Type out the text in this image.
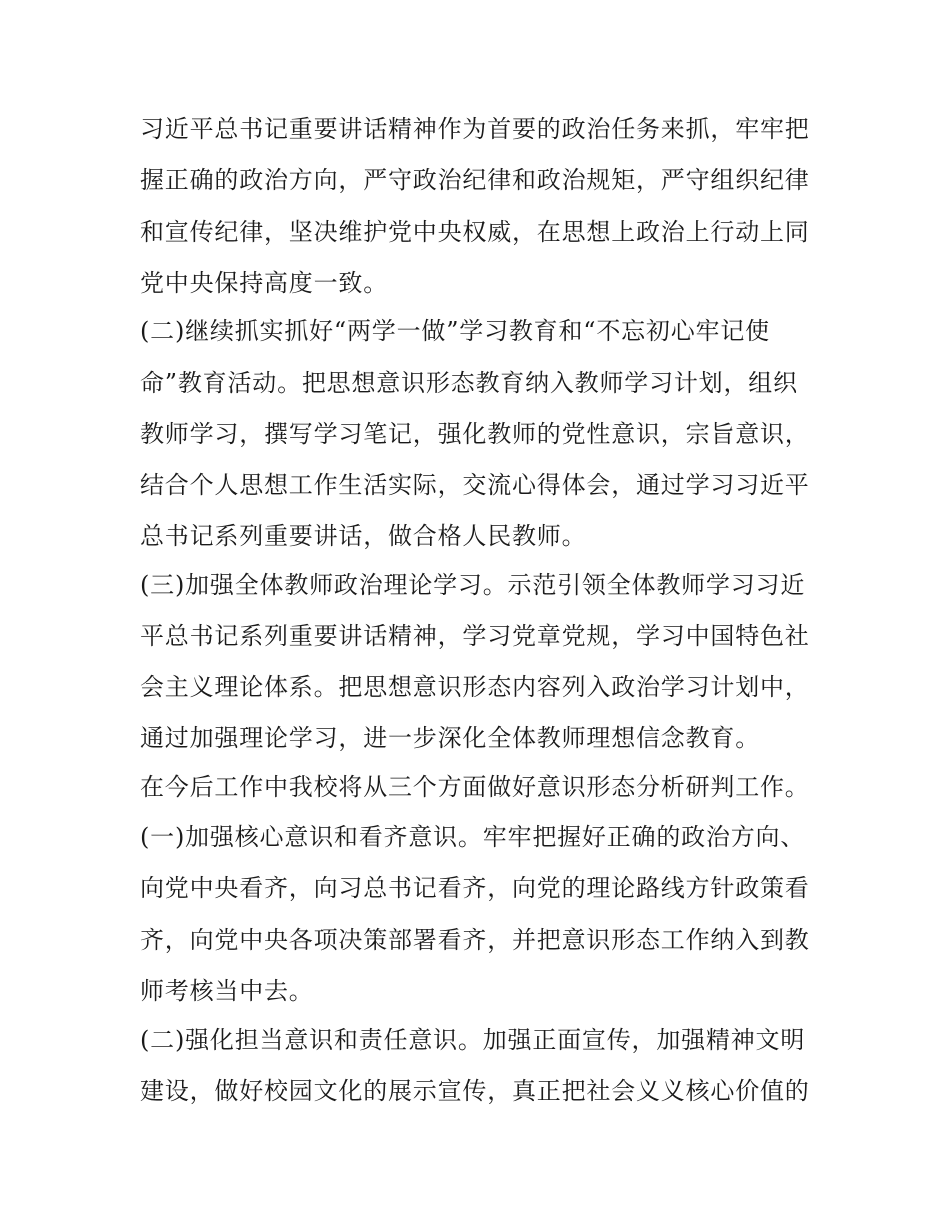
习近平总书记重要讲话精神作为首要的政治任务来抓，牢牢把
握正确的政治方向，严守政治纪律和政治规矩，严守组织纪律
和宣传纪律，坚决维护党中央权威，在思想上政治上行动上同
党中央保持高度一致。
(二)继续抓实抓好“两学一做”学习教育和“不忘初心牢记使
命”教育活动。把思想意识形态教育纳入教师学习计划，组织
教师学习，撰写学习笔记，强化教师的党性意识，宗旨意识，
结合个人思想工作生活实际，交流心得体会，通过学习习近平
总书记系列重要讲话，做合格人民教师。
(三)加强全体教师政治理论学习。示范引领全体教师学习习近
平总书记系列重要讲话精神，学习党章党规，学习中国特色社
会主义理论体系。把思想意识形态内容列入政治学习计划中，
通过加强理论学习，进一步深化全体教师理想信念教育。
在今后工作中我校将从三个方面做好意识形态分析研判工作。
(一)加强核心意识和看齐意识。牢牢把握好正确的政治方向、
向党中央看齐，向习总书记看齐，向党的理论路线方针政策看
齐，向党中央各项决策部署看齐，并把意识形态工作纳入到教
师考核当中去。
(二)强化担当意识和责任意识。加强正面宣传，加强精神文明
建设，做好校园文化的展示宣传，真正把社会义义核心价值的
